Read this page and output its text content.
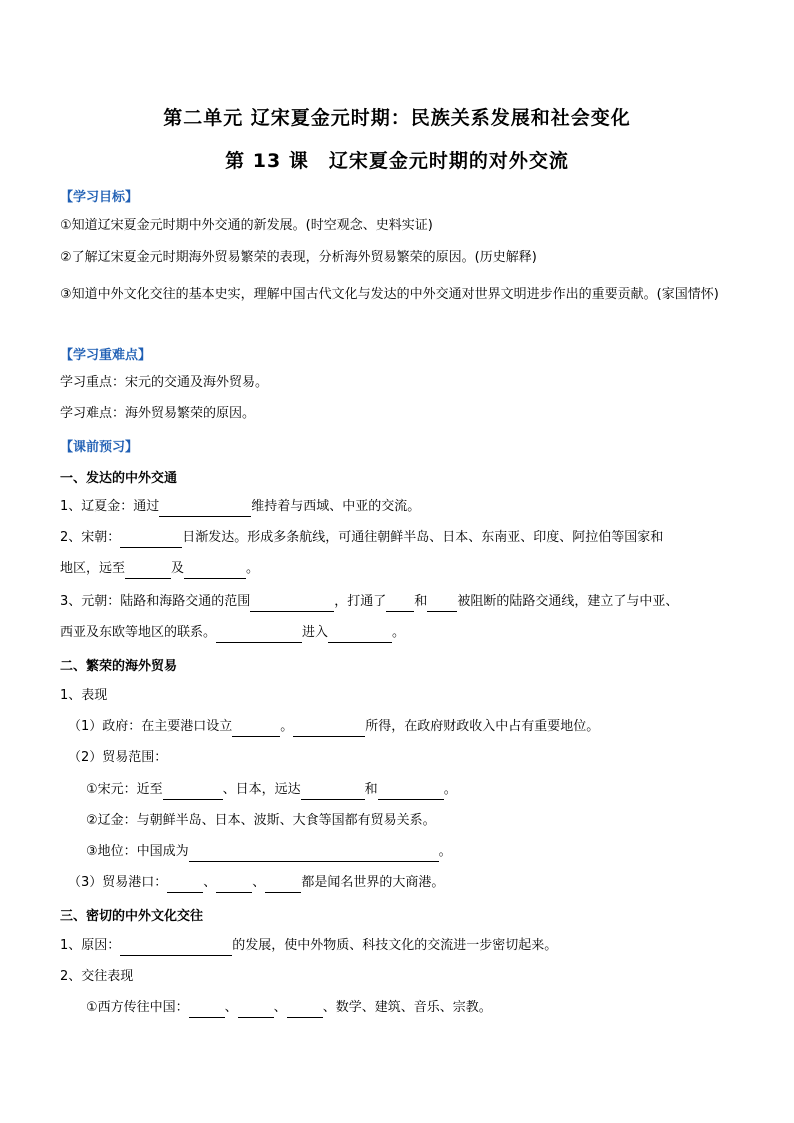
第二单元 辽宋夏金元时期：民族关系发展和社会变化
第 13 课　辽宋夏金元时期的对外交流
【学习目标】
①知道辽宋夏金元时期中外交通的新发展。(时空观念、史料实证)
②了解辽宋夏金元时期海外贸易繁荣的表现，分析海外贸易繁荣的原因。(历史解释)
③知道中外文化交往的基本史实，理解中国古代文化与发达的中外交通对世界文明进步作出的重要贡献。(家国情怀)
【学习重难点】
学习重点：宋元的交通及海外贸易。
学习难点：海外贸易繁荣的原因。
【课前预习】
一、发达的中外交通
1、辽夏金：通过	维持着与西域、中亚的交流。
2、宋朝：	日渐发达。形成多条航线，可通往朝鲜半岛、日本、东南亚、印度、阿拉伯等国家和
地区，远至	及	。
3、元朝：陆路和海路交通的范围	，打通了 和 被阻断的陆路交通线，建立了与中亚、
西亚及东欧等地区的联系。	进入	。
二、繁荣的海外贸易
1、表现
（1）政府：在主要港口设立	。	所得，在政府财政收入中占有重要地位。
（2）贸易范围：
①宋元：近至	、日本，远达	和	。
②辽金：与朝鲜半岛、日本、波斯、大食等国都有贸易关系。
③地位：中国成为	。
（3）贸易港口：	、	、	都是闻名世界的大商港。
三、密切的中外文化交往
1、原因：	的发展，使中外物质、科技文化的交流进一步密切起来。
2、交往表现
①西方传往中国：	、	、	、数学、建筑、音乐、宗教。
